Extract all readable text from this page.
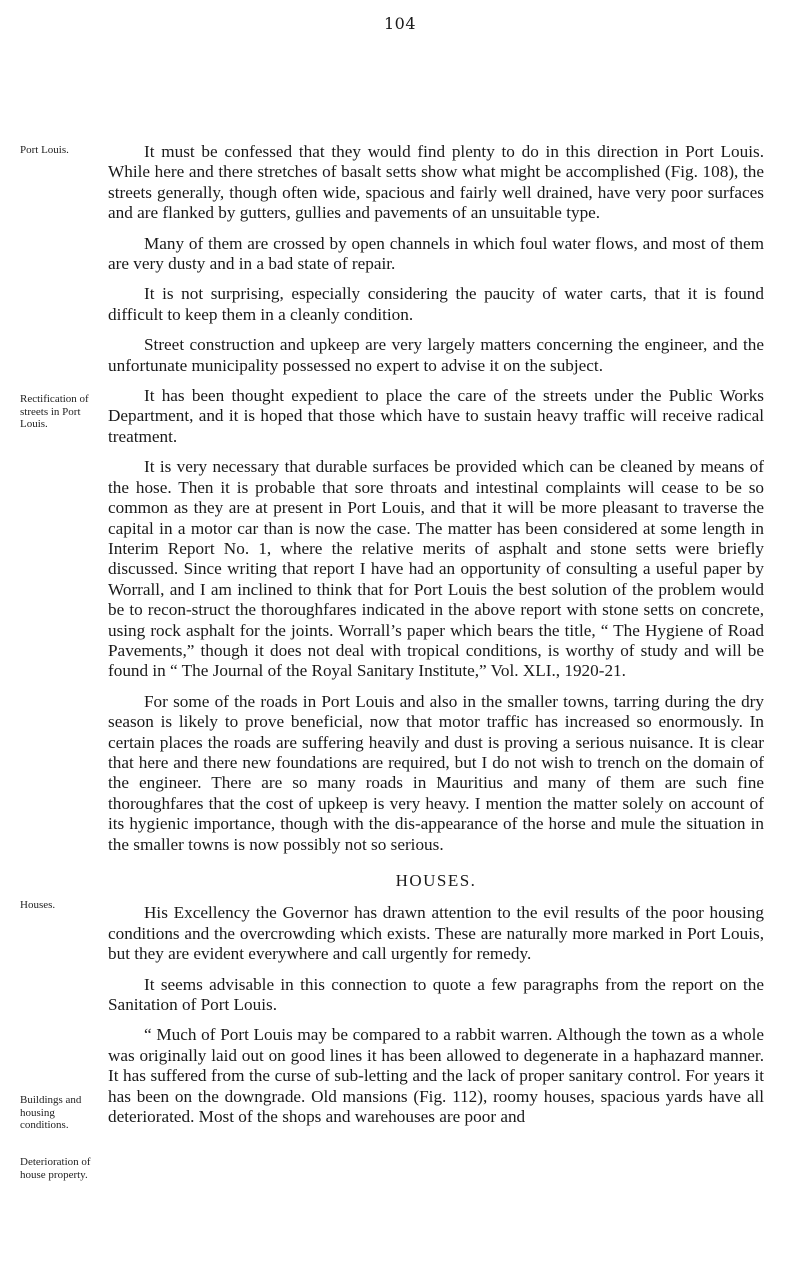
104
Port Louis.
Rectification of streets in Port Louis.
Houses.
Buildings and housing conditions.
Deterioration of house property.

It must be confessed that they would find plenty to do in this direction in Port Louis. While here and there stretches of basalt setts show what might be accomplished (Fig. 108), the streets generally, though often wide, spacious and fairly well drained, have very poor surfaces and are flanked by gutters, gullies and pavements of an unsuitable type.

Many of them are crossed by open channels in which foul water flows, and most of them are very dusty and in a bad state of repair.

It is not surprising, especially considering the paucity of water carts, that it is found difficult to keep them in a cleanly condition.

Street construction and upkeep are very largely matters concerning the engineer, and the unfortunate municipality possessed no expert to advise it on the subject.

It has been thought expedient to place the care of the streets under the Public Works Department, and it is hoped that those which have to sustain heavy traffic will receive radical treatment.

It is very necessary that durable surfaces be provided which can be cleaned by means of the hose. Then it is probable that sore throats and intestinal complaints will cease to be so common as they are at present in Port Louis, and that it will be more pleasant to traverse the capital in a motor car than is now the case. The matter has been considered at some length in Interim Report No. 1, where the relative merits of asphalt and stone setts were briefly discussed. Since writing that report I have had an opportunity of consulting a useful paper by Worrall, and I am inclined to think that for Port Louis the best solution of the problem would be to recon-struct the thoroughfares indicated in the above report with stone setts on concrete, using rock asphalt for the joints. Worrall’s paper which bears the title, “ The Hygiene of Road Pavements,” though it does not deal with tropical conditions, is worthy of study and will be found in “ The Journal of the Royal Sanitary Institute,” Vol. XLI., 1920-21.

For some of the roads in Port Louis and also in the smaller towns, tarring during the dry season is likely to prove beneficial, now that motor traffic has increased so enormously. In certain places the roads are suffering heavily and dust is proving a serious nuisance. It is clear that here and there new foundations are required, but I do not wish to trench on the domain of the engineer. There are so many roads in Mauritius and many of them are such fine thoroughfares that the cost of upkeep is very heavy. I mention the matter solely on account of its hygienic importance, though with the dis-appearance of the horse and mule the situation in the smaller towns is now possibly not so serious.

HOUSES.

His Excellency the Governor has drawn attention to the evil results of the poor housing conditions and the overcrowding which exists. These are naturally more marked in Port Louis, but they are evident everywhere and call urgently for remedy.

It seems advisable in this connection to quote a few paragraphs from the report on the Sanitation of Port Louis.

“ Much of Port Louis may be compared to a rabbit warren. Although the town as a whole was originally laid out on good lines it has been allowed to degenerate in a haphazard manner. It has suffered from the curse of sub-letting and the lack of proper sanitary control. For years it has been on the downgrade. Old mansions (Fig. 112), roomy houses, spacious yards have all deteriorated. Most of the shops and warehouses are poor and
